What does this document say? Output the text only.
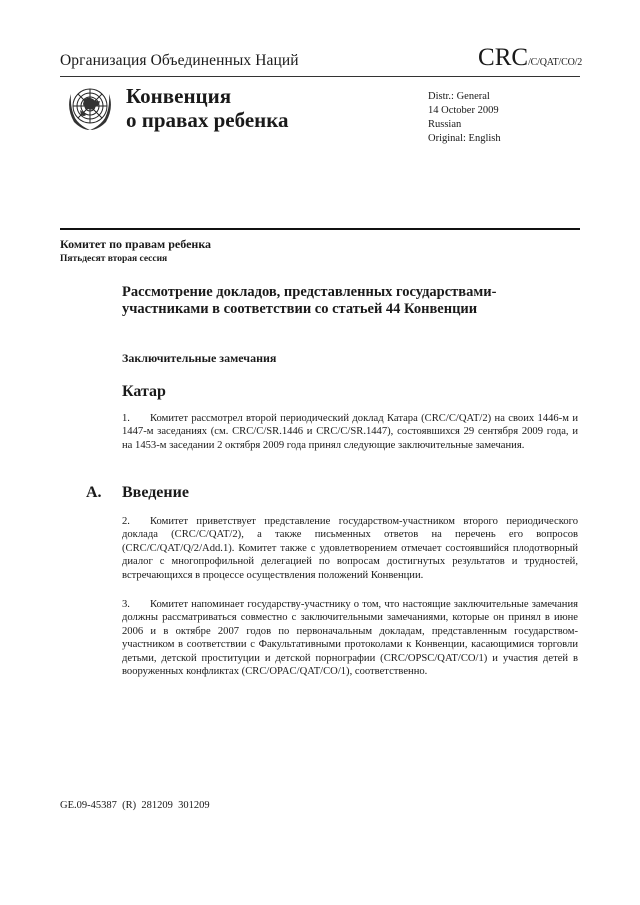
Организация Объединенных Наций	CRC/C/QAT/CO/2
Конвенция
о правах ребенка
Distr.: General
14 October 2009
Russian
Original: English
Комитет по правам ребенка
Пятьдесят вторая сессия
Рассмотрение докладов, представленных государствами-участниками в соответствии со статьей 44 Конвенции
Заключительные замечания
Катар
1. Комитет рассмотрел второй периодический доклад Катара (CRC/C/QAT/2) на своих 1446-м и 1447-м заседаниях (см. CRC/C/SR.1446 и CRC/C/SR.1447), состоявшихся 29 сентября 2009 года, и на 1453-м заседании 2 октября 2009 года принял следующие заключительные замечания.
A. Введение
2. Комитет приветствует представление государством-участником второго периодического доклада (CRC/C/QAT/2), а также письменных ответов на перечень его вопросов (CRC/C/QAT/Q/2/Add.1). Комитет также с удовлетворением отмечает состоявшийся плодотворный диалог с многопрофильной делегацией по вопросам достигнутых результатов и трудностей, встречающихся в процессе осуществления положений Конвенции.
3. Комитет напоминает государству-участнику о том, что настоящие заключительные замечания должны рассматриваться совместно с заключительными замечаниями, которые он принял в июне 2006 и в октябре 2007 годов по первоначальным докладам, представленным государством-участником в соответствии с Факультативными протоколами к Конвенции, касающимися торговли детьми, детской проституции и детской порнографии (CRC/OPSC/QAT/CO/1) и участия детей в вооруженных конфликтах (CRC/OPAC/QAT/CO/1), соответственно.
GE.09-45387  (R)  281209  301209
